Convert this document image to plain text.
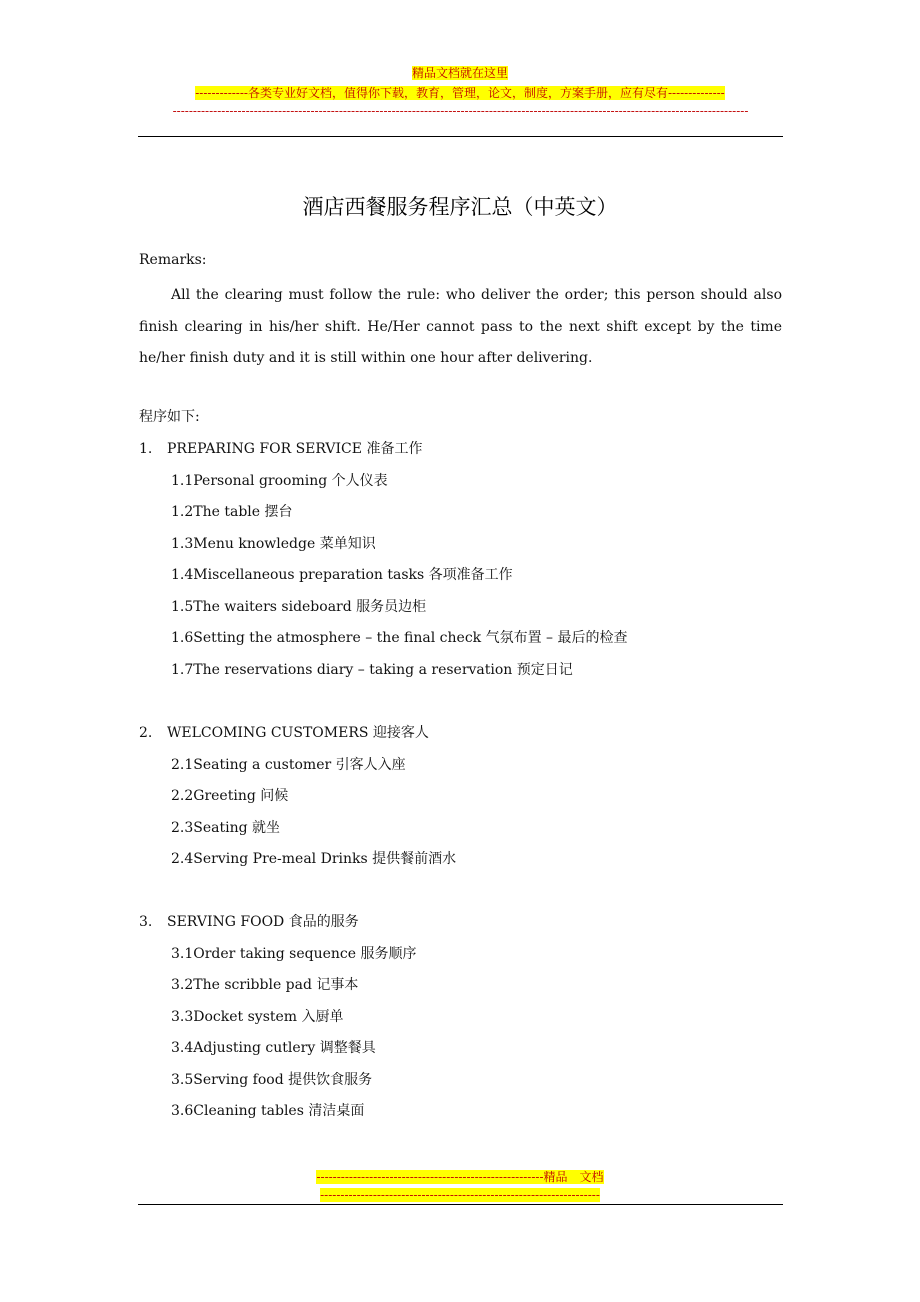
精品文档就在这里
-------------各类专业好文档，值得你下载，教育，管理，论文，制度，方案手册，应有尽有--------------
----------------------------------------------------------------------------------------------------------------------------------------------
酒店西餐服务程序汇总（中英文）
Remarks:
All the clearing must follow the rule: who deliver the order; this person should also finish clearing in his/her shift. He/Her cannot pass to the next shift except by the time he/her finish duty and it is still within one hour after delivering.
程序如下:
1. PREPARING FOR SERVICE 准备工作
1.1Personal grooming 个人仪表
1.2The table 摆台
1.3Menu knowledge 菜单知识
1.4Miscellaneous preparation tasks 各项准备工作
1.5The waiters sideboard 服务员边柜
1.6Setting the atmosphere – the final check 气氛布置 – 最后的检查
1.7The reservations diary – taking a reservation 预定日记
2. WELCOMING CUSTOMERS 迎接客人
2.1Seating a customer 引客人入座
2.2Greeting 问候
2.3Seating 就坐
2.4Serving Pre-meal Drinks 提供餐前酒水
3. SERVING FOOD 食品的服务
3.1Order taking sequence 服务顺序
3.2The scribble pad 记事本
3.3Docket system 入厨单
3.4Adjusting cutlery 调整餐具
3.5Serving food 提供饮食服务
3.6Cleaning tables 清洁桌面
--------------------------------------------------------精品　文档
---------------------------------------------------------------------
